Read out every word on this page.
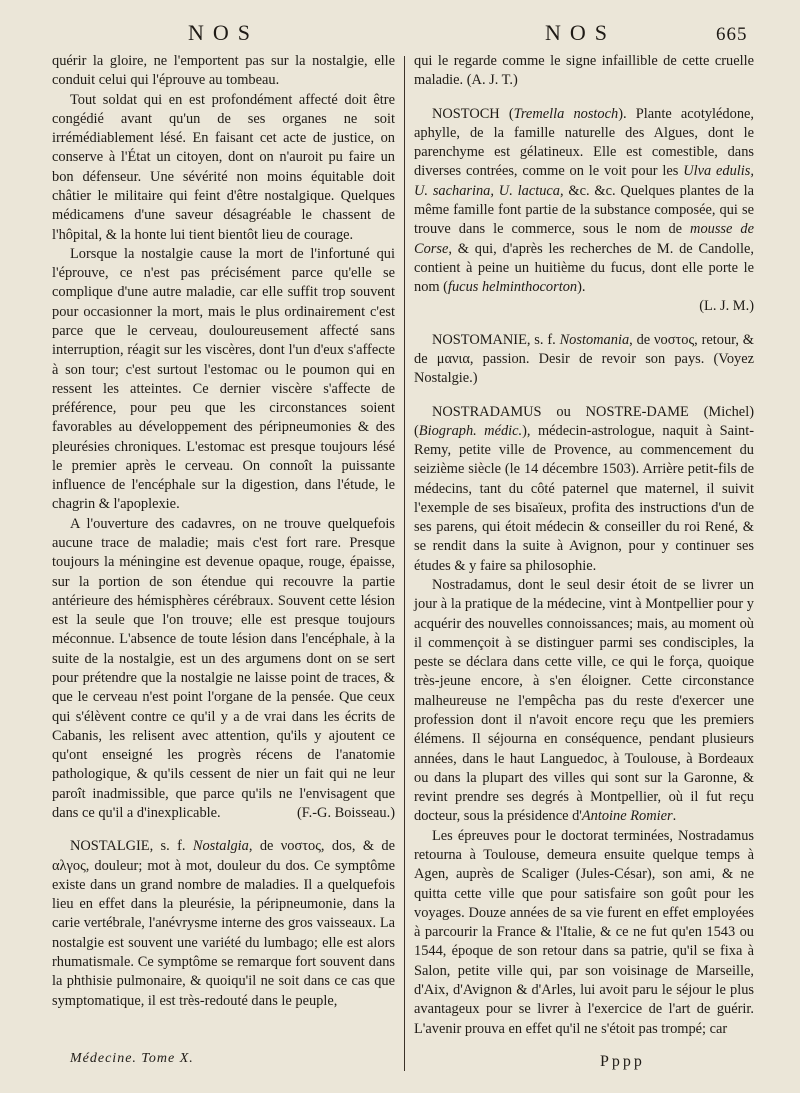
NOS	NOS	665

quérir la gloire, ne l'emportent pas sur la nostalgie, elle conduit celui qui l'éprouve au tombeau.

Tout soldat qui en est profondément affecté doit être congédié avant qu'un de ses organes ne soit irrémédiablement lésé. En faisant cet acte de justice, on conserve à l'État un citoyen, dont on n'auroit pu faire un bon défenseur. Une sévérité non moins équitable doit châtier le militaire qui feint d'être nostalgique. Quelques médicamens d'une saveur désagréable le chassent de l'hôpital, & la honte lui tient bientôt lieu de courage.

Lorsque la nostalgie cause la mort de l'infortuné qui l'éprouve, ce n'est pas précisément parce qu'elle se complique d'une autre maladie, car elle suffit trop souvent pour occasionner la mort, mais le plus ordinairement c'est parce que le cerveau, douloureusement affecté sans interruption, réagit sur les viscères, dont l'un d'eux s'affecte à son tour; c'est surtout l'estomac ou le poumon qui en ressent les atteintes. Ce dernier viscère s'affecte de préférence, pour peu que les circonstances soient favorables au développement des péripneumonies & des pleurésies chroniques. L'estomac est presque toujours lésé le premier après le cerveau. On connoît la puissante influence de l'encéphale sur la digestion, dans l'étude, le chagrin & l'apoplexie.

A l'ouverture des cadavres, on ne trouve quelquefois aucune trace de maladie; mais c'est fort rare. Presque toujours la méningine est devenue opaque, rouge, épaisse, sur la portion de son étendue qui recouvre la partie antérieure des hémisphères cérébraux. Souvent cette lésion est la seule que l'on trouve; elle est presque toujours méconnue. L'absence de toute lésion dans l'encéphale, à la suite de la nostalgie, est un des argumens dont on se sert pour prétendre que la nostalgie ne laisse point de traces, & que le cerveau n'est point l'organe de la pensée. Que ceux qui s'élèvent contre ce qu'il y a de vrai dans les écrits de Cabanis, les relisent avec attention, qu'ils y ajoutent ce qu'ont enseigné les progrès récens de l'anatomie pathologique, & qu'ils cessent de nier un fait qui ne leur paroît inadmissible, que parce qu'ils ne l'envisagent que dans ce qu'il a d'inexplicable.	(F.-G. Boisseau.)

NOSTALGIE, s. f. Nostalgia, de νοστος, dos, & de αλγος, douleur; mot à mot, douleur du dos. Ce symptôme existe dans un grand nombre de maladies. Il a quelquefois lieu en effet dans la pleurésie, la péripneumonie, dans la carie vertébrale, l'anévrysme interne des gros vaisseaux. La nostalgie est souvent une variété du lumbago; elle est alors rhumatismale. Ce symptôme se remarque fort souvent dans la phthisie pulmonaire, & quoiqu'il ne soit dans ce cas que symptomatique, il est très-redouté dans le peuple,

qui le regarde comme le signe infaillible de cette cruelle maladie. (A. J. T.)

NOSTOCH (Tremella nostoch). Plante acotylédone, aphylle, de la famille naturelle des Algues, dont le parenchyme est gélatineux. Elle est comestible, dans diverses contrées, comme on le voit pour les Ulva edulis, U. sacharina, U. lactuca, &c. &c. Quelques plantes de la même famille font partie de la substance composée, qui se trouve dans le commerce, sous le nom de mousse de Corse, & qui, d'après les recherches de M. de Candolle, contient à peine un huitième du fucus, dont elle porte le nom (fucus helminthocorton).
(L. J. M.)

NOSTOMANIE, s. f. Nostomania, de νοστος, retour, & de μανια, passion. Desir de revoir son pays. (Voyez Nostalgie.)

NOSTRADAMUS ou NOSTRE-DAME (Michel) (Biograph. médic.), médecin-astrologue, naquit à Saint-Remy, petite ville de Provence, au commencement du seizième siècle (le 14 décembre 1503). Arrière petit-fils de médecins, tant du côté paternel que maternel, il suivit l'exemple de ses bisaïeux, profita des instructions d'un de ses parens, qui étoit médecin & conseiller du roi René, & se rendit dans la suite à Avignon, pour y continuer ses études & y faire sa philosophie.

Nostradamus, dont le seul desir étoit de se livrer un jour à la pratique de la médecine, vint à Montpellier pour y acquérir des nouvelles connoissances; mais, au moment où il commençoit à se distinguer parmi ses condisciples, la peste se déclara dans cette ville, ce qui le força, quoique très-jeune encore, à s'en éloigner. Cette circonstance malheureuse ne l'empêcha pas du reste d'exercer une profession dont il n'avoit encore reçu que les premiers élémens. Il séjourna en conséquence, pendant plusieurs années, dans le haut Languedoc, à Toulouse, à Bordeaux ou dans la plupart des villes qui sont sur la Garonne, & revint prendre ses degrés à Montpellier, où il fut reçu docteur, sous la présidence d'Antoine Romier.

Les épreuves pour le doctorat terminées, Nostradamus retourna à Toulouse, demeura ensuite quelque temps à Agen, auprès de Scaliger (Jules-César), son ami, & ne quitta cette ville que pour satisfaire son goût pour les voyages. Douze années de sa vie furent en effet employées à parcourir la France & l'Italie, & ce ne fut qu'en 1543 ou 1544, époque de son retour dans sa patrie, qu'il se fixa à Salon, petite ville qui, par son voisinage de Marseille, d'Aix, d'Avignon & d'Arles, lui avoit paru le séjour le plus avantageux pour se livrer à l'exercice de l'art de guérir. L'avenir prouva en effet qu'il ne s'étoit pas trompé; car

Médecine. Tome X.	Pppp
